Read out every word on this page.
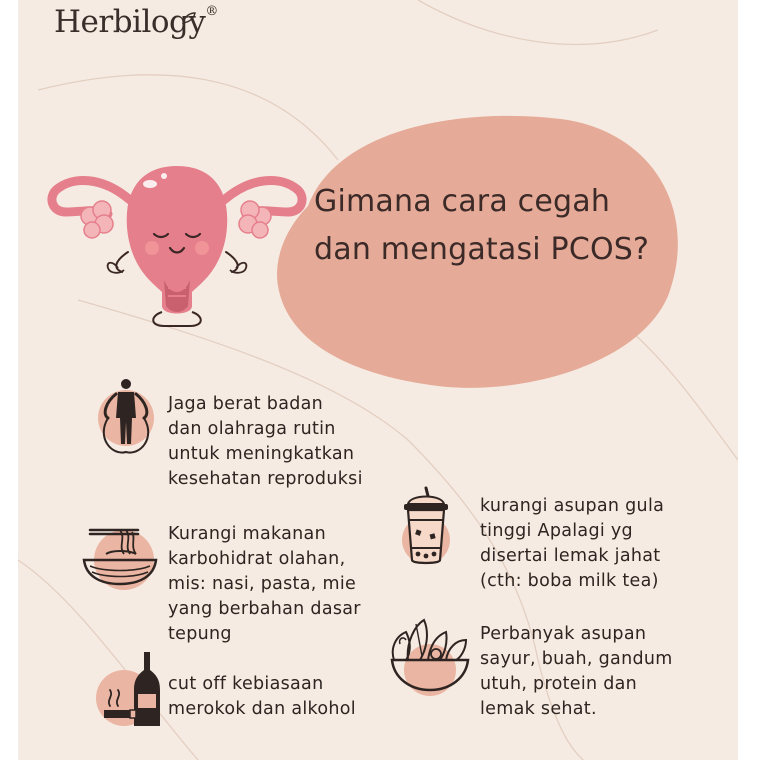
Herbilogy®
Gimana cara cegah
dan mengatasi PCOS?
Jaga berat badan
dan olahraga rutin
untuk meningkatkan
kesehatan reproduksi
Kurangi makanan
karbohidrat olahan,
mis: nasi, pasta, mie
yang berbahan dasar
tepung
cut off kebiasaan
merokok dan alkohol
kurangi asupan gula
tinggi Apalagi yg
disertai lemak jahat
(cth: boba milk tea)
Perbanyak asupan
sayur, buah, gandum
utuh, protein dan
lemak sehat.
